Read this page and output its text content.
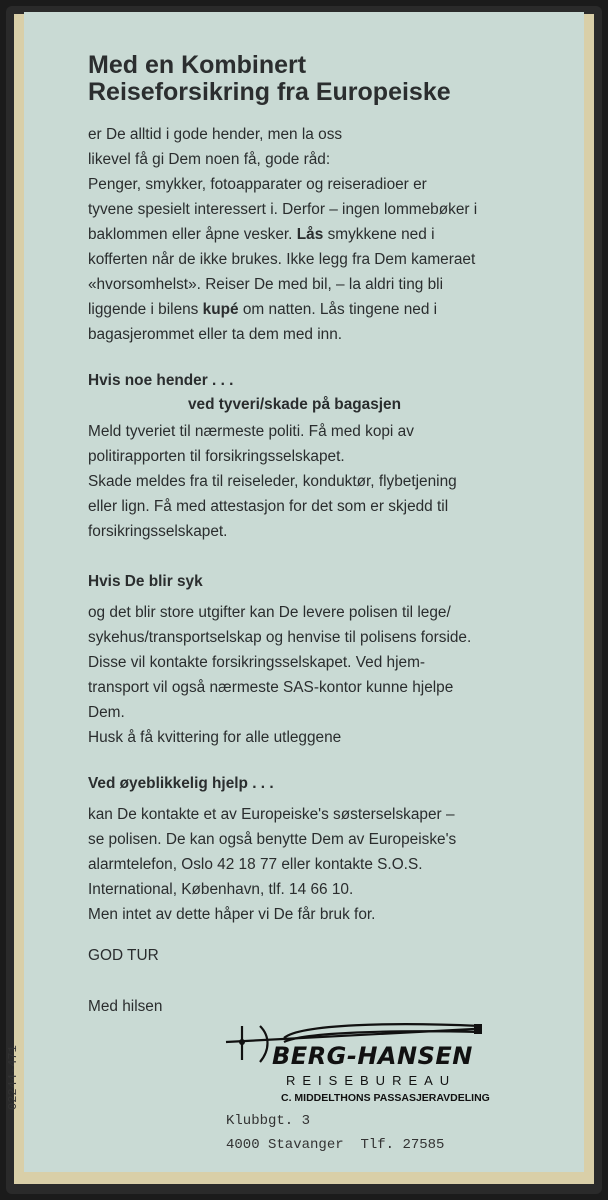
Med en Kombinert

Reiseforsikring fra Europeiske

er De alltid i gode hender, men la oss

likevel få gi Dem noen få, gode råd:

Penger, smykker, fotoapparater og reiseradioer er

tyvene spesielt interessert i. Derfor – ingen lommebøker i

baklommen eller åpne vesker. Lås smykkene ned i

kofferten når de ikke brukes. Ikke legg fra Dem kameraet

«hvorsomhelst». Reiser De med bil, – la aldri ting bli

liggende i bilens kupé om natten. Lås tingene ned i

bagasjerommet eller ta dem med inn.

Hvis noe hender . . .

ved tyveri/skade på bagasjen

Meld tyveriet til nærmeste politi. Få med kopi av

politirapporten til forsikringsselskapet.

Skade meldes fra til reiseleder, konduktør, flybetjening

eller lign. Få med attestasjon for det som er skjedd til

forsikringsselskapet.

Hvis De blir syk

og det blir store utgifter kan De levere polisen til lege/

sykehus/transportselskap og henvise til polisens forside.

Disse vil kontakte forsikringsselskapet. Ved hjem-

transport vil også nærmeste SAS-kontor kunne hjelpe

Dem.

Husk å få kvittering for alle utleggene

Ved øyeblikkelig hjelp . . .

kan De kontakte et av Europeiske's søsterselskaper –

se polisen. De kan også benytte Dem av Europeiske's

alarmtelefon, Oslo 42 18 77 eller kontakte S.O.S.

International, København, tlf. 14 66 10.

Men intet av dette håper vi De får bruk for.

GOD TUR
Med hilsen
BERG-HANSEN
REISEBUREAU
C. MIDDELTHONS PASSASJERAVDELING
Klubbgt. 3
4000 Stavanger Tlf. 27585
02244-471
